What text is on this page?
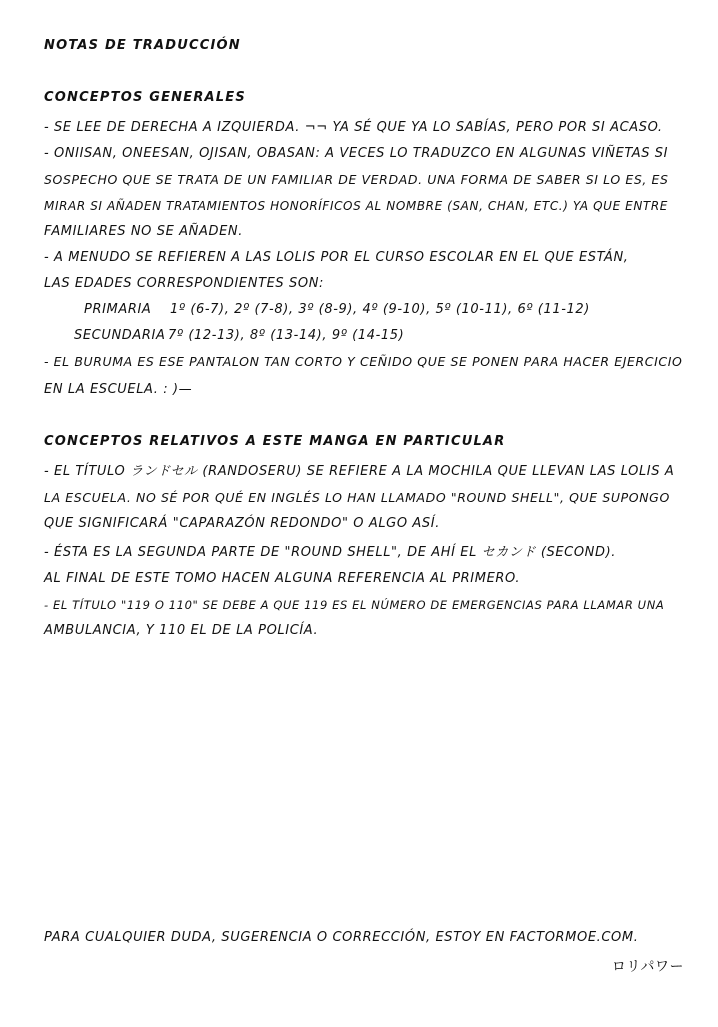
NOTAS DE TRADUCCIÓN
CONCEPTOS GENERALES
- SE LEE DE DERECHA A IZQUIERDA. ¬¬ YA SÉ QUE YA LO SABÍAS, PERO POR SI ACASO.
- ONIISAN, ONEESAN, OJISAN, OBASAN: A VECES LO TRADUZCO EN ALGUNAS VIÑETAS SI
SOSPECHO QUE SE TRATA DE UN FAMILIAR DE VERDAD. UNA FORMA DE SABER SI LO ES, ES
MIRAR SI AÑADEN TRATAMIENTOS HONORÍFICOS AL NOMBRE (SAN, CHAN, ETC.) YA QUE ENTRE
FAMILIARES NO SE AÑADEN.
- A MENUDO SE REFIEREN A LAS LOLIS POR EL CURSO ESCOLAR EN EL QUE ESTÁN,
LAS EDADES CORRESPONDIENTES SON:
PRIMARIA 1º (6-7), 2º (7-8), 3º (8-9), 4º (9-10), 5º (10-11), 6º (11-12)
SECUNDARIA 7º (12-13), 8º (13-14), 9º (14-15)
- EL BURUMA ES ESE PANTALON TAN CORTO Y CEÑIDO QUE SE PONEN PARA HACER EJERCICIO
EN LA ESCUELA. : )—
CONCEPTOS RELATIVOS A ESTE MANGA EN PARTICULAR
- EL TÍTULO ランドセル (RANDOSERU) SE REFIERE A LA MOCHILA QUE LLEVAN LAS LOLIS A
LA ESCUELA. NO SÉ POR QUÉ EN INGLÉS LO HAN LLAMADO "ROUND SHELL", QUE SUPONGO
QUE SIGNIFICARÁ "CAPARAZÓN REDONDO" O ALGO ASÍ.
- ÉSTA ES LA SEGUNDA PARTE DE "ROUND SHELL", DE AHÍ EL セカンド (SECOND).
AL FINAL DE ESTE TOMO HACEN ALGUNA REFERENCIA AL PRIMERO.
- EL TÍTULO "119 O 110" SE DEBE A QUE 119 ES EL NÚMERO DE EMERGENCIAS PARA LLAMAR UNA
AMBULANCIA, Y 110 EL DE LA POLICÍA.
PARA CUALQUIER DUDA, SUGERENCIA O CORRECCIÓN, ESTOY EN FACTORMOE.COM.
ロリパワー
